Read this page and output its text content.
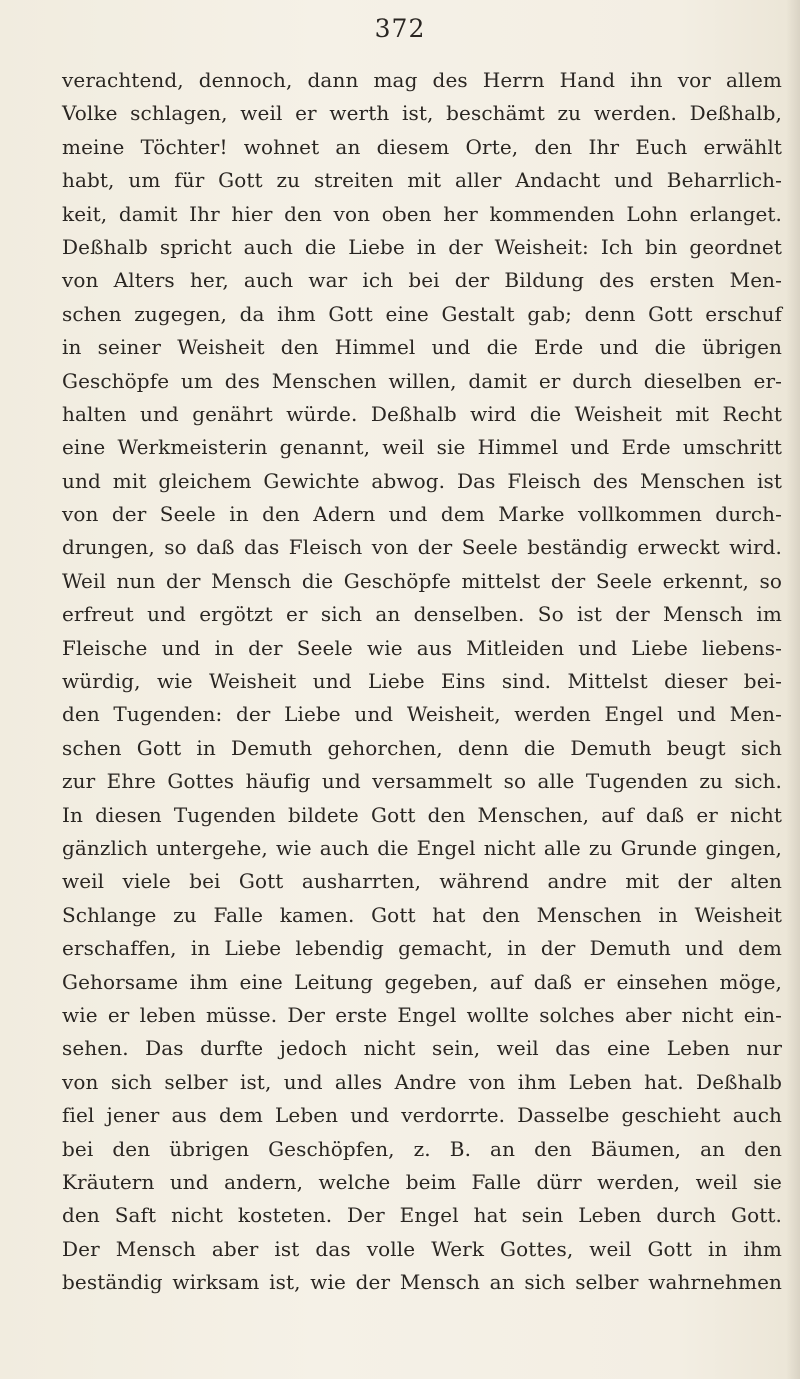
372
verachtend, dennoch, dann mag des Herrn Hand ihn vor allem
Volke schlagen, weil er werth ist, beschämt zu werden. Deßhalb,
meine Töchter! wohnet an diesem Orte, den Ihr Euch erwählt
habt, um für Gott zu streiten mit aller Andacht und Beharrlich-
keit, damit Ihr hier den von oben her kommenden Lohn erlanget.
Deßhalb spricht auch die Liebe in der Weisheit: Ich bin geordnet
von Alters her, auch war ich bei der Bildung des ersten Men-
schen zugegen, da ihm Gott eine Gestalt gab; denn Gott erschuf
in seiner Weisheit den Himmel und die Erde und die übrigen
Geschöpfe um des Menschen willen, damit er durch dieselben er-
halten und genährt würde. Deßhalb wird die Weisheit mit Recht
eine Werkmeisterin genannt, weil sie Himmel und Erde umschritt
und mit gleichem Gewichte abwog. Das Fleisch des Menschen ist
von der Seele in den Adern und dem Marke vollkommen durch-
drungen, so daß das Fleisch von der Seele beständig erweckt wird.
Weil nun der Mensch die Geschöpfe mittelst der Seele erkennt, so
erfreut und ergötzt er sich an denselben. So ist der Mensch im
Fleische und in der Seele wie aus Mitleiden und Liebe liebens-
würdig, wie Weisheit und Liebe Eins sind. Mittelst dieser bei-
den Tugenden: der Liebe und Weisheit, werden Engel und Men-
schen Gott in Demuth gehorchen, denn die Demuth beugt sich
zur Ehre Gottes häufig und versammelt so alle Tugenden zu sich.
In diesen Tugenden bildete Gott den Menschen, auf daß er nicht
gänzlich untergehe, wie auch die Engel nicht alle zu Grunde gingen,
weil viele bei Gott ausharrten, während andre mit der alten
Schlange zu Falle kamen. Gott hat den Menschen in Weisheit
erschaffen, in Liebe lebendig gemacht, in der Demuth und dem
Gehorsame ihm eine Leitung gegeben, auf daß er einsehen möge,
wie er leben müsse. Der erste Engel wollte solches aber nicht ein-
sehen. Das durfte jedoch nicht sein, weil das eine Leben nur
von sich selber ist, und alles Andre von ihm Leben hat. Deßhalb
fiel jener aus dem Leben und verdorrte. Dasselbe geschieht auch
bei den übrigen Geschöpfen, z. B. an den Bäumen, an den
Kräutern und andern, welche beim Falle dürr werden, weil sie
den Saft nicht kosteten. Der Engel hat sein Leben durch Gott.
Der Mensch aber ist das volle Werk Gottes, weil Gott in ihm
beständig wirksam ist, wie der Mensch an sich selber wahrnehmen
